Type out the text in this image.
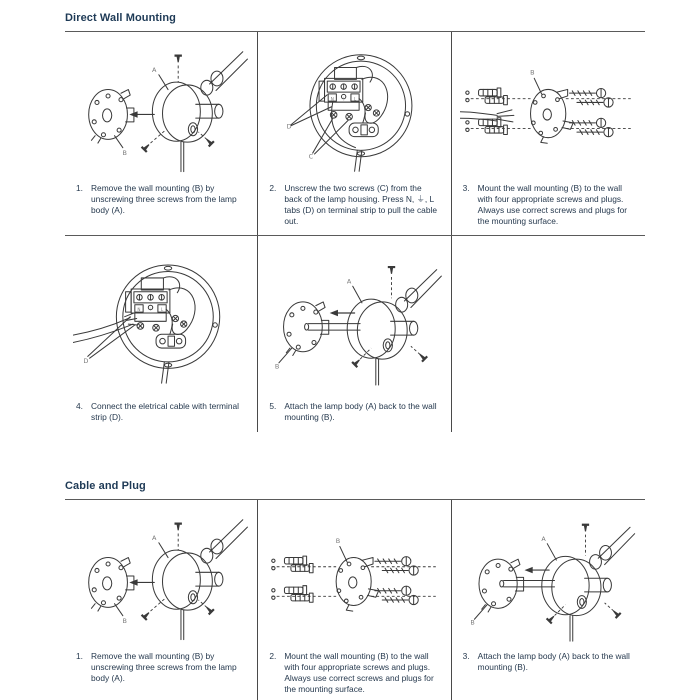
Direct Wall Mounting
A
B
1. Remove the wall mounting (B) by unscrewing three screws from the lamp body (A).
D
C
N ⏚ L
2. Unscrew the two screws (C) from the back of the lamp housing. Press N, ⏚, L tabs (D) on terminal strip to pull the cable out.
B
3. Mount the wall mounting (B) to the wall with four appropriate screws and plugs. Always use correct screws and plugs for the mounting surface.
D
N ⏚ L
4. Connect the eletrical cable with terminal strip (D).
A
B
5. Attach the lamp body (A) back to the wall mounting (B).
Cable and Plug
A
B
1. Remove the wall mounting (B) by unscrewing three screws from the lamp body (A).
B
2. Mount the wall mounting (B) to the wall with four appropriate screws and plugs. Always use correct screws and plugs for the mounting surface.
A
B
3. Attach the lamp body (A) back to the wall mounting (B).
